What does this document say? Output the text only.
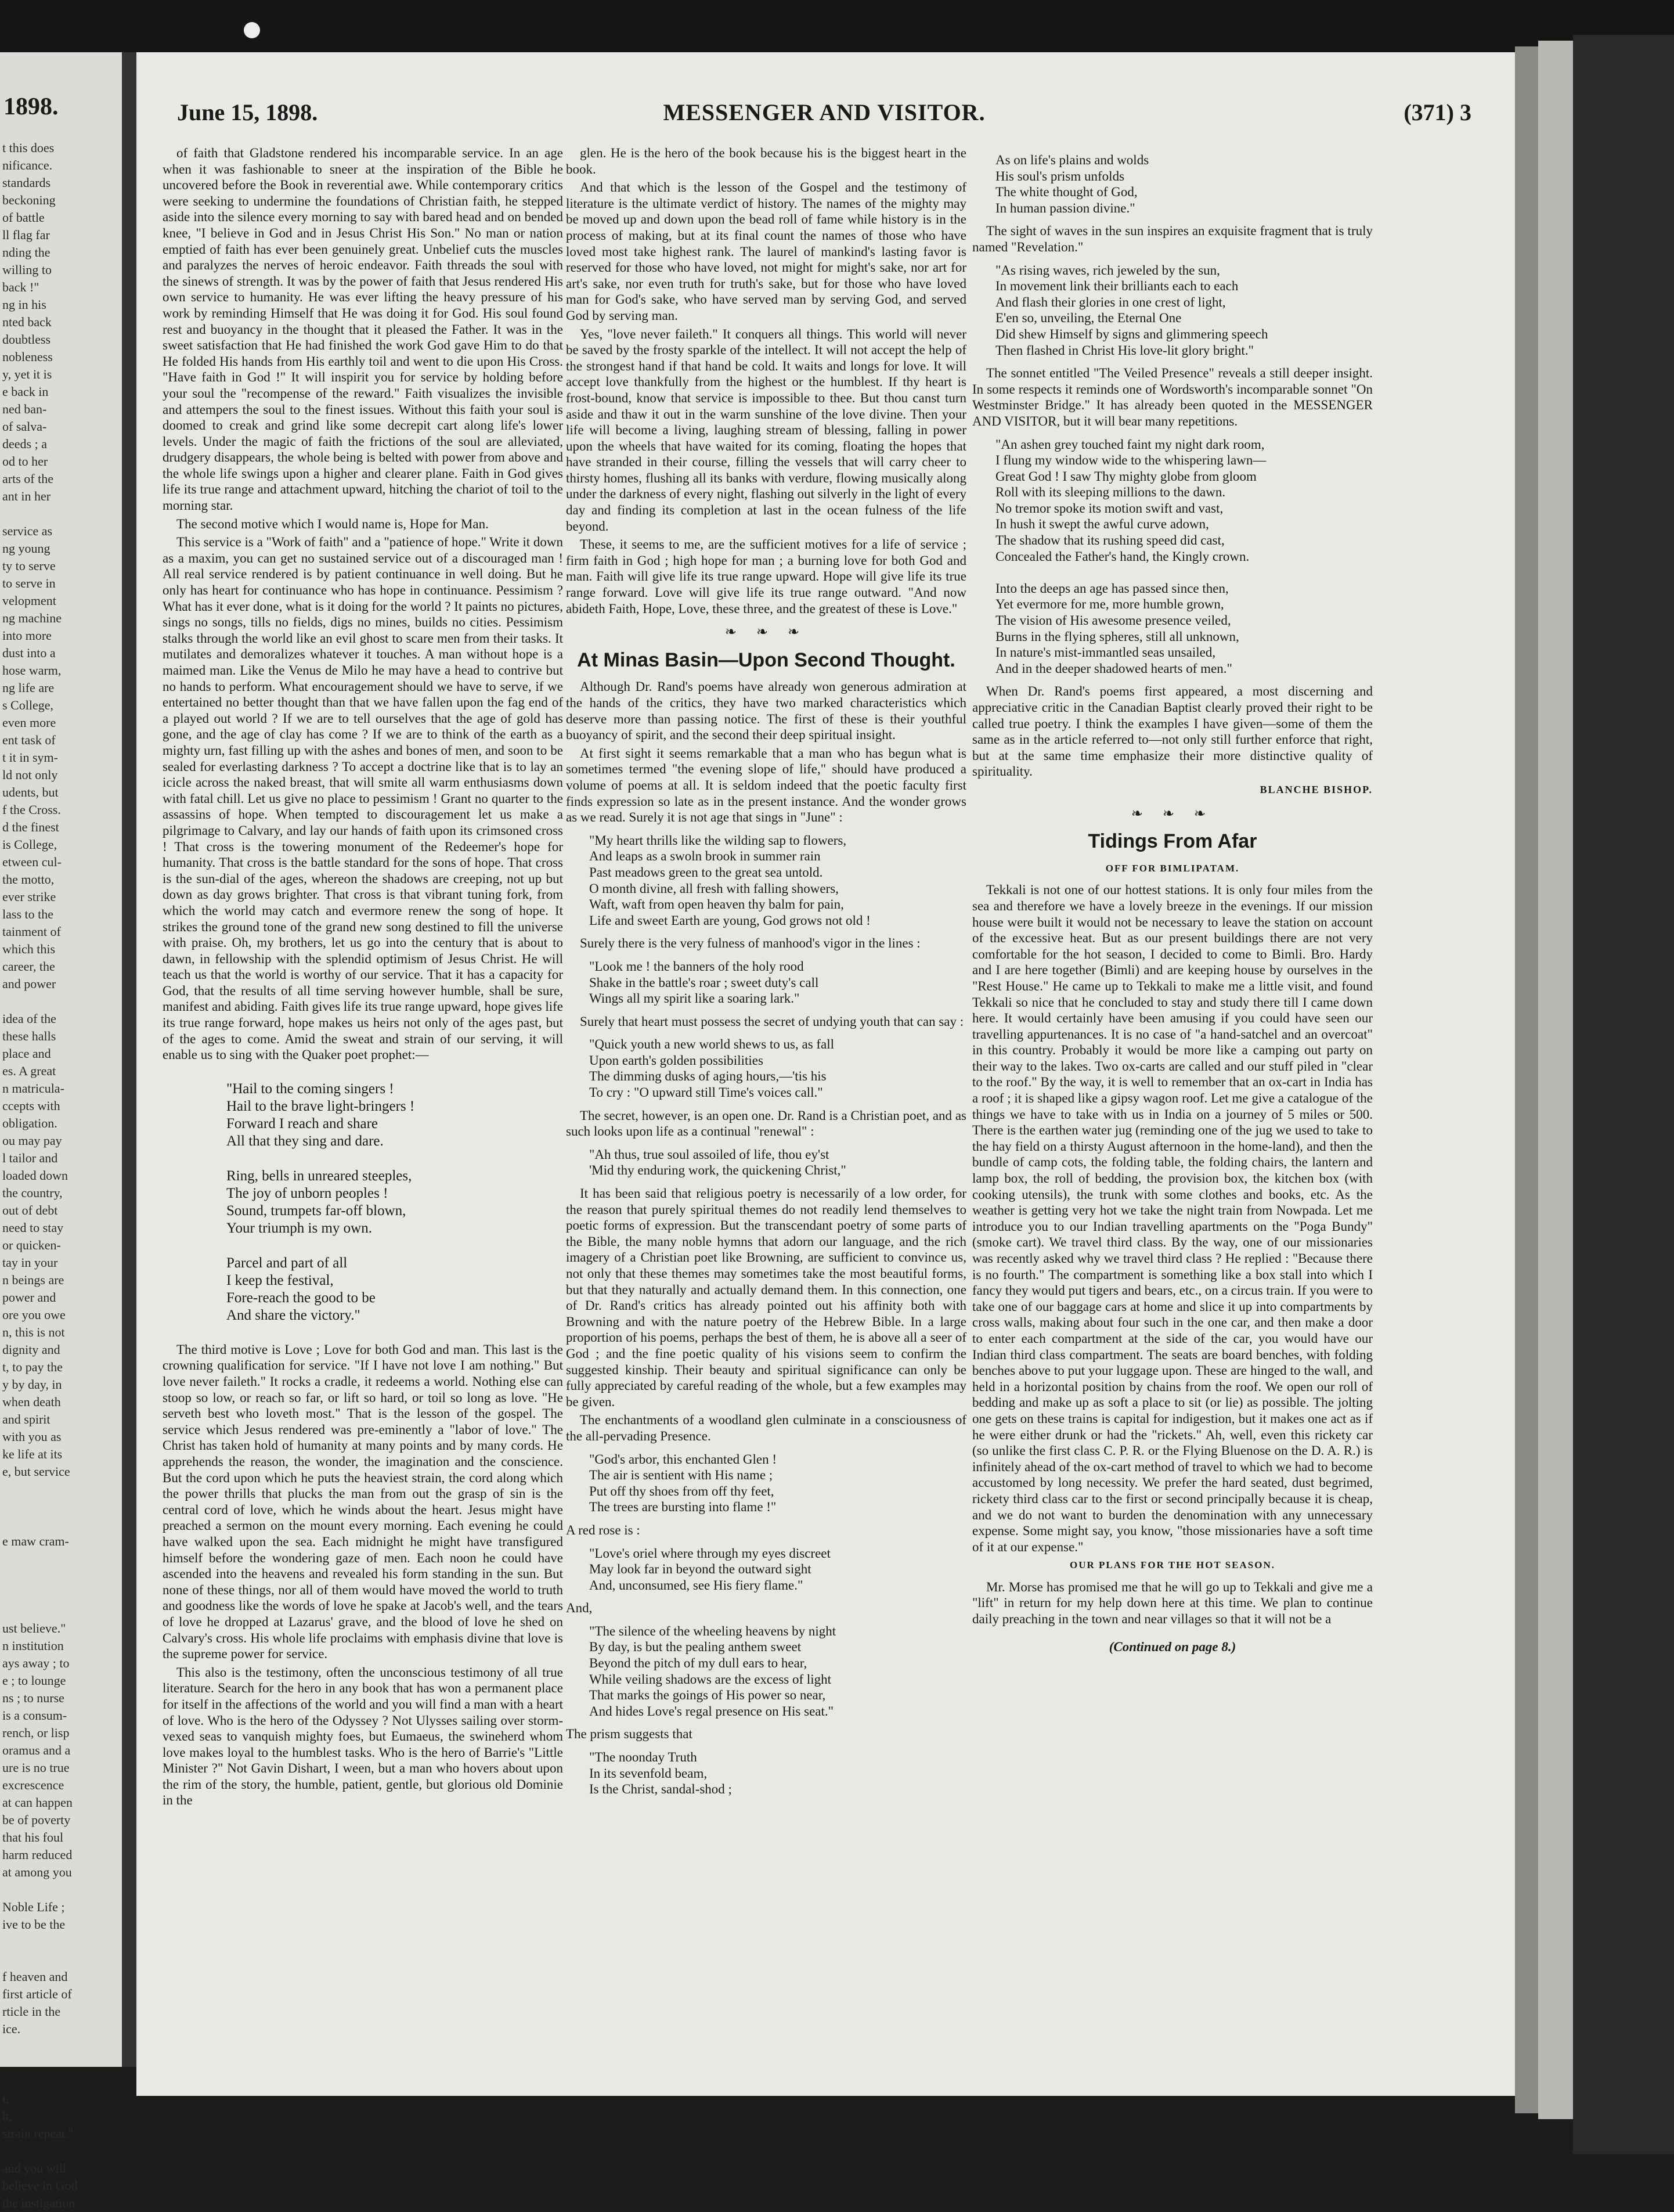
1898.
t this does
nificance.
standards
beckoning
of battle
ll flag far
nding the
willing to
back !"
ng in his
nted back
doubtless
nobleness
y, yet it is
e back in
ned ban-
of salva-
deeds ; a
od to her
arts of the
ant in her
service as
ng young
ty to serve
to serve in
velopment
ng machine
into more
dust into a
hose warm,
ng life are
s College,
even more
ent task of
t it in sym-
ld not only
udents, but
f the Cross.
d the finest
is College,
etween cul-
the motto,
ever strike
lass to the
tainment of
which this
career, the
and power
idea of the
these halls
place and
es. A great
n matricula-
ccepts with
obligation.
ou may pay
l tailor and
loaded down
the country,
out of debt
need to stay
or quicken-
tay in your
n beings are
power and
ore you owe
n, this is not
dignity and
t, to pay the
y by day, in
when death
and spirit
with you as
ke life at its
e, but service
e maw cram-
ust believe."
n institution
ays away ; to
e ; to lounge
ns ; to nurse
is a consum-
rench, or lisp
oramus and a
ure is no true
excrescence
at can happen
be of poverty
that his foul
harm reduced
at among you
Noble Life ;
ive to be the
f heaven and
first article of
rticle in the
ice.
t,
h,
strain repeat."
and you will
believe in God
the instigation
June 15, 1898.	MESSENGER AND VISITOR.	(371) 3

of faith that Gladstone rendered his incomparable service. In an age when it was fashionable to sneer at the inspiration of the Bible he uncovered before the Book in reverential awe. While contemporary critics were seeking to undermine the foundations of Christian faith, he stepped aside into the silence every morning to say with bared head and on bended knee, "I believe in God and in Jesus Christ His Son." No man or nation emptied of faith has ever been genuinely great. Unbelief cuts the muscles and paralyzes the nerves of heroic endeavor. Faith threads the soul with the sinews of strength. It was by the power of faith that Jesus rendered His own service to humanity. He was ever lifting the heavy pressure of his work by reminding Himself that He was doing it for God. His soul found rest and buoyancy in the thought that it pleased the Father. It was in the sweet satisfaction that He had finished the work God gave Him to do that He folded His hands from His earthly toil and went to die upon His Cross. "Have faith in God !" It will inspirit you for service by holding before your soul the "recompense of the reward." Faith visualizes the invisible and attempers the soul to the finest issues. Without this faith your soul is doomed to creak and grind like some decrepit cart along life's lower levels. Under the magic of faith the frictions of the soul are alleviated, drudgery disappears, the whole being is belted with power from above and the whole life swings upon a higher and clearer plane. Faith in God gives life its true range and attachment upward, hitching the chariot of toil to the morning star.

The second motive which I would name is, Hope for Man.

This service is a "Work of faith" and a "patience of hope." Write it down as a maxim, you can get no sustained service out of a discouraged man ! All real service rendered is by patient continuance in well doing. But he only has heart for continuance who has hope in continuance. Pessimism ? What has it ever done, what is it doing for the world ? It paints no pictures, sings no songs, tills no fields, digs no mines, builds no cities. Pessimism stalks through the world like an evil ghost to scare men from their tasks. It mutilates and demoralizes whatever it touches. A man without hope is a maimed man. Like the Venus de Milo he may have a head to contrive but no hands to perform. What encouragement should we have to serve, if we entertained no better thought than that we have fallen upon the fag end of a played out world ? If we are to tell ourselves that the age of gold has gone, and the age of clay has come ? If we are to think of the earth as a mighty urn, fast filling up with the ashes and bones of men, and soon to be sealed for everlasting darkness ? To accept a doctrine like that is to lay an icicle across the naked breast, that will smite all warm enthusiasms down with fatal chill. Let us give no place to pessimism ! Grant no quarter to the assassins of hope. When tempted to discouragement let us make a pilgrimage to Calvary, and lay our hands of faith upon its crimsoned cross ! That cross is the towering monument of the Redeemer's hope for humanity. That cross is the battle standard for the sons of hope. That cross is the sun-dial of the ages, whereon the shadows are creeping, not up but down as day grows brighter. That cross is that vibrant tuning fork, from which the world may catch and evermore renew the song of hope. It strikes the ground tone of the grand new song destined to fill the universe with praise. Oh, my brothers, let us go into the century that is about to dawn, in fellowship with the splendid optimism of Jesus Christ. He will teach us that the world is worthy of our service. That it has a capacity for God, that the results of all time serving however humble, shall be sure, manifest and abiding. Faith gives life its true range upward, hope gives life its true range forward, hope makes us heirs not only of the ages past, but of the ages to come. Amid the sweat and strain of our serving, it will enable us to sing with the Quaker poet prophet:—

"Hail to the coming singers !
Hail to the brave light-bringers !
Forward I reach and share
All that they sing and dare.

Ring, bells in unreared steeples,
The joy of unborn peoples !
Sound, trumpets far-off blown,
Your triumph is my own.

Parcel and part of all
I keep the festival,
Fore-reach the good to be
And share the victory."

The third motive is Love ; Love for both God and man. This last is the crowning qualification for service. "If I have not love I am nothing." But love never faileth." It rocks a cradle, it redeems a world. Nothing else can stoop so low, or reach so far, or lift so hard, or toil so long as love. "He serveth best who loveth most." That is the lesson of the gospel. The service which Jesus rendered was pre-eminently a "labor of love." The Christ has taken hold of humanity at many points and by many cords. He apprehends the reason, the wonder, the imagination and the conscience. But the cord upon which he puts the heaviest strain, the cord along which the power thrills that plucks the man from out the grasp of sin is the central cord of love, which he winds about the heart. Jesus might have preached a sermon on the mount every morning. Each evening he could have walked upon the sea. Each midnight he might have transfigured himself before the wondering gaze of men. Each noon he could have ascended into the heavens and revealed his form standing in the sun. But none of these things, nor all of them would have moved the world to truth and goodness like the words of love he spake at Jacob's well, and the tears of love he dropped at Lazarus' grave, and the blood of love he shed on Calvary's cross. His whole life proclaims with emphasis divine that love is the supreme power for service.

This also is the testimony, often the unconscious testimony of all true literature. Search for the hero in any book that has won a permanent place for itself in the affections of the world and you will find a man with a heart of love. Who is the hero of the Odyssey ? Not Ulysses sailing over storm-vexed seas to vanquish mighty foes, but Eumaeus, the swineherd whom love makes loyal to the humblest tasks. Who is the hero of Barrie's "Little Minister ?" Not Gavin Dishart, I ween, but a man who hovers about upon the rim of the story, the humble, patient, gentle, but glorious old Dominie in the

glen. He is the hero of the book because his is the biggest heart in the book.

And that which is the lesson of the Gospel and the testimony of literature is the ultimate verdict of history. The names of the mighty may be moved up and down upon the bead roll of fame while history is in the process of making, but at its final count the names of those who have loved most take highest rank. The laurel of mankind's lasting favor is reserved for those who have loved, not might for might's sake, nor art for art's sake, nor even truth for truth's sake, but for those who have loved man for God's sake, who have served man by serving God, and served God by serving man.

Yes, "love never faileth." It conquers all things. This world will never be saved by the frosty sparkle of the intellect. It will not accept the help of the strongest hand if that hand be cold. It waits and longs for love. It will accept love thankfully from the highest or the humblest. If thy heart is frost-bound, know that service is impossible to thee. But thou canst turn aside and thaw it out in the warm sunshine of the love divine. Then your life will become a living, laughing stream of blessing, falling in power upon the wheels that have waited for its coming, floating the hopes that have stranded in their course, filling the vessels that will carry cheer to thirsty homes, flushing all its banks with verdure, flowing musically along under the darkness of every night, flashing out silverly in the light of every day and finding its completion at last in the ocean fulness of the life beyond.

These, it seems to me, are the sufficient motives for a life of service ; firm faith in God ; high hope for man ; a burning love for both God and man. Faith will give life its true range upward. Hope will give life its true range forward. Love will give life its true range outward. "And now abideth Faith, Hope, Love, these three, and the greatest of these is Love."

❧ ❧ ❧
At Minas Basin—Upon Second Thought.

Although Dr. Rand's poems have already won generous admiration at the hands of the critics, they have two marked characteristics which deserve more than passing notice. The first of these is their youthful buoyancy of spirit, and the second their deep spiritual insight.

At first sight it seems remarkable that a man who has begun what is sometimes termed "the evening slope of life," should have produced a volume of poems at all. It is seldom indeed that the poetic faculty first finds expression so late as in the present instance. And the wonder grows as we read. Surely it is not age that sings in "June" :

"My heart thrills like the wilding sap to flowers,
And leaps as a swoln brook in summer rain
Past meadows green to the great sea untold.
O month divine, all fresh with falling showers,
Waft, waft from open heaven thy balm for pain,
Life and sweet Earth are young, God grows not old !

Surely there is the very fulness of manhood's vigor in the lines :

"Look me ! the banners of the holy rood
Shake in the battle's roar ; sweet duty's call
Wings all my spirit like a soaring lark."

Surely that heart must possess the secret of undying youth that can say :

"Quick youth a new world shews to us, as fall
Upon earth's golden possibilities
The dimming dusks of aging hours,—'tis his
To cry : "O upward still Time's voices call."

The secret, however, is an open one. Dr. Rand is a Christian poet, and as such looks upon life as a continual "renewal" :

"Ah thus, true soul assoiled of life, thou ey'st
'Mid thy enduring work, the quickening Christ,"

It has been said that religious poetry is necessarily of a low order, for the reason that purely spiritual themes do not readily lend themselves to poetic forms of expression. But the transcendant poetry of some parts of the Bible, the many noble hymns that adorn our language, and the rich imagery of a Christian poet like Browning, are sufficient to convince us, not only that these themes may sometimes take the most beautiful forms, but that they naturally and actually demand them. In this connection, one of Dr. Rand's critics has already pointed out his affinity both with Browning and with the nature poetry of the Hebrew Bible. In a large proportion of his poems, perhaps the best of them, he is above all a seer of God ; and the fine poetic quality of his visions seem to confirm the suggested kinship. Their beauty and spiritual significance can only be fully appreciated by careful reading of the whole, but a few examples may be given.

The enchantments of a woodland glen culminate in a consciousness of the all-pervading Presence.

"God's arbor, this enchanted Glen !
The air is sentient with His name ;
Put off thy shoes from off thy feet,
The trees are bursting into flame !"

A red rose is :

"Love's oriel where through my eyes discreet
May look far in beyond the outward sight
And, unconsumed, see His fiery flame."

And,

"The silence of the wheeling heavens by night
By day, is but the pealing anthem sweet
Beyond the pitch of my dull ears to hear,
While veiling shadows are the excess of light
That marks the goings of His power so near,
And hides Love's regal presence on His seat."

The prism suggests that

"The noonday Truth
In its sevenfold beam,
Is the Christ, sandal-shod ;
As on life's plains and wolds
His soul's prism unfolds
The white thought of God,
In human passion divine."

The sight of waves in the sun inspires an exquisite fragment that is truly named "Revelation."

"As rising waves, rich jeweled by the sun,
In movement link their brilliants each to each
And flash their glories in one crest of light,
E'en so, unveiling, the Eternal One
Did shew Himself by signs and glimmering speech
Then flashed in Christ His love-lit glory bright."

The sonnet entitled "The Veiled Presence" reveals a still deeper insight. In some respects it reminds one of Wordsworth's incomparable sonnet "On Westminster Bridge." It has already been quoted in the MESSENGER AND VISITOR, but it will bear many repetitions.

"An ashen grey touched faint my night dark room,
I flung my window wide to the whispering lawn—
Great God ! I saw Thy mighty globe from gloom
Roll with its sleeping millions to the dawn.
No tremor spoke its motion swift and vast,
In hush it swept the awful curve adown,
The shadow that its rushing speed did cast,
Concealed the Father's hand, the Kingly crown.

Into the deeps an age has passed since then,
Yet evermore for me, more humble grown,
The vision of His awesome presence veiled,
Burns in the flying spheres, still all unknown,
In nature's mist-immantled seas unsailed,
And in the deeper shadowed hearts of men."

When Dr. Rand's poems first appeared, a most discerning and appreciative critic in the Canadian Baptist clearly proved their right to be called true poetry. I think the examples I have given—some of them the same as in the article referred to—not only still further enforce that right, but at the same time emphasize their more distinctive quality of spirituality.

BLANCHE BISHOP.
❧ ❧ ❧
Tidings From Afar
OFF FOR BIMLIPATAM.

Tekkali is not one of our hottest stations. It is only four miles from the sea and therefore we have a lovely breeze in the evenings. If our mission house were built it would not be necessary to leave the station on account of the excessive heat. But as our present buildings there are not very comfortable for the hot season, I decided to come to Bimli. Bro. Hardy and I are here together (Bimli) and are keeping house by ourselves in the "Rest House." He came up to Tekkali to make me a little visit, and found Tekkali so nice that he concluded to stay and study there till I came down here. It would certainly have been amusing if you could have seen our travelling appurtenances. It is no case of "a hand-satchel and an overcoat" in this country. Probably it would be more like a camping out party on their way to the lakes. Two ox-carts are called and our stuff piled in "clear to the roof." By the way, it is well to remember that an ox-cart in India has a roof ; it is shaped like a gipsy wagon roof. Let me give a catalogue of the things we have to take with us in India on a journey of 5 miles or 500. There is the earthen water jug (reminding one of the jug we used to take to the hay field on a thirsty August afternoon in the home-land), and then the bundle of camp cots, the folding table, the folding chairs, the lantern and lamp box, the roll of bedding, the provision box, the kitchen box (with cooking utensils), the trunk with some clothes and books, etc. As the weather is getting very hot we take the night train from Nowpada. Let me introduce you to our Indian travelling apartments on the "Poga Bundy" (smoke cart). We travel third class. By the way, one of our missionaries was recently asked why we travel third class ? He replied : "Because there is no fourth." The compartment is something like a box stall into which I fancy they would put tigers and bears, etc., on a circus train. If you were to take one of our baggage cars at home and slice it up into compartments by cross walls, making about four such in the one car, and then make a door to enter each compartment at the side of the car, you would have our Indian third class compartment. The seats are board benches, with folding benches above to put your luggage upon. These are hinged to the wall, and held in a horizontal position by chains from the roof. We open our roll of bedding and make up as soft a place to sit (or lie) as possible. The jolting one gets on these trains is capital for indigestion, but it makes one act as if he were either drunk or had the "rickets." Ah, well, even this rickety car (so unlike the first class C. P. R. or the Flying Bluenose on the D. A. R.) is infinitely ahead of the ox-cart method of travel to which we had to become accustomed by long necessity. We prefer the hard seated, dust begrimed, rickety third class car to the first or second principally because it is cheap, and we do not want to burden the denomination with any unnecessary expense. Some might say, you know, "those missionaries have a soft time of it at our expense."

OUR PLANS FOR THE HOT SEASON.

Mr. Morse has promised me that he will go up to Tekkali and give me a "lift" in return for my help down here at this time. We plan to continue daily preaching in the town and near villages so that it will not be a

(Continued on page 8.)
